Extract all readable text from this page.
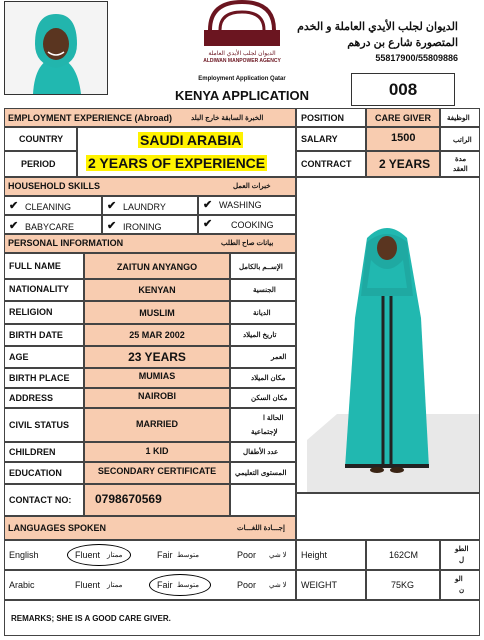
الديوان لجلب الأيدي العاملة
ALDIWAN MANPOWER AGENCY
الديوان لجلب الأيدي العاملة و الخدم
المتصورة شارع بن درهم
55817900/55809886
Employment Application Qatar
KENYA APPLICATION	008
EMPLOYMENT EXPERIENCE (Abroad)	الخبرة السابقة خارج البلد
COUNTRY	SAUDI ARABIA
PERIOD 2 YEARS OF EXPERIENCE
POSITION	CARE GIVER الوظيفة
SALARY	1500	الراتب
CONTRACT 2 YEARS	مدة
العقد
HOUSEHOLD SKILLS	خبرات العمل
✔ CLEANING	✔ LAUNDRY	✔ WASHING
✔ BABYCARE	✔ IRONING	✔ COOKING
PERSONAL INFORMATION	بيانات صاح الطلب
FULL NAME	ZAITUN ANYANGO	الإســم بالكامل
NATIONALITY	KENYAN	الجنسية
RELIGION	MUSLIM	الديانة
BIRTH DATE	25 MAR 2002	تاريخ الميلاد
AGE	23 YEARS	العمر
BIRTH PLACE	MUMIAS	مكان الميلاد
ADDRESS	NAIROBI	مكان السكن
CIVIL STATUS	MARRIED
الحالة ا
لإجتماعية
CHILDREN	1 KID	عدد الأطفال
EDUCATION	SECONDARY CERTIFICATE	المستوى التعليمي
CONTACT NO: 0798670569
LANGUAGES SPOKEN	إجـــادة اللغـــات
English	Fluent ممتاز	Fair متوسط	Poor لا شي Height	162CM
الطو
ل
Arabic	Fluent ممتاز	Fair متوسط	Poor لا شي WEIGHT	75KG
الو
ن
REMARKS; SHE IS A GOOD CARE GIVER.
